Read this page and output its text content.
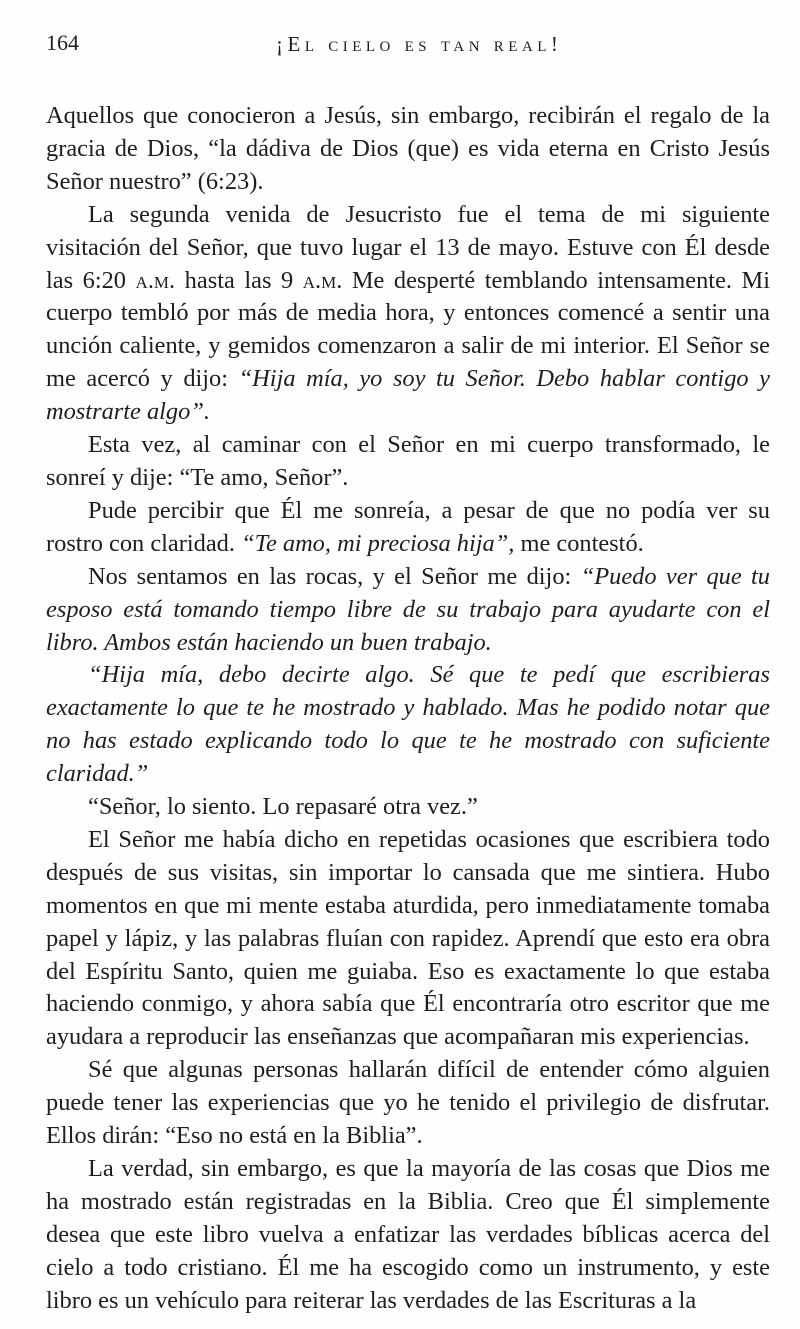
164	¡El cielo es tan real!

Aquellos que conocieron a Jesús, sin embargo, recibirán el regalo de la gracia de Dios, “la dádiva de Dios (que) es vida eterna en Cristo Jesús Señor nuestro” (6:23).

La segunda venida de Jesucristo fue el tema de mi siguiente visitación del Señor, que tuvo lugar el 13 de mayo. Estuve con Él desde las 6:20 a.m. hasta las 9 a.m. Me desperté temblando intensamente. Mi cuerpo tembló por más de media hora, y entonces comencé a sentir una unción caliente, y gemidos comenzaron a salir de mi interior. El Señor se me acercó y dijo: “Hija mía, yo soy tu Señor. Debo hablar contigo y mostrarte algo”.

Esta vez, al caminar con el Señor en mi cuerpo transformado, le sonreí y dije: “Te amo, Señor”.

Pude percibir que Él me sonreía, a pesar de que no podía ver su rostro con claridad. “Te amo, mi preciosa hija”, me contestó.

Nos sentamos en las rocas, y el Señor me dijo: “Puedo ver que tu esposo está tomando tiempo libre de su trabajo para ayudarte con el libro. Ambos están haciendo un buen trabajo.

“Hija mía, debo decirte algo. Sé que te pedí que escribieras exactamente lo que te he mostrado y hablado. Mas he podido notar que no has estado explicando todo lo que te he mostrado con suficiente claridad.”

“Señor, lo siento. Lo repasaré otra vez.”

El Señor me había dicho en repetidas ocasiones que escribiera todo después de sus visitas, sin importar lo cansada que me sintiera. Hubo momentos en que mi mente estaba aturdida, pero inmediatamente tomaba papel y lápiz, y las palabras fluían con rapidez. Aprendí que esto era obra del Espíritu Santo, quien me guiaba. Eso es exactamente lo que estaba haciendo conmigo, y ahora sabía que Él encontraría otro escritor que me ayudara a reproducir las enseñanzas que acompañaran mis experiencias.

Sé que algunas personas hallarán difícil de entender cómo alguien puede tener las experiencias que yo he tenido el privilegio de disfrutar. Ellos dirán: “Eso no está en la Biblia”.

La verdad, sin embargo, es que la mayoría de las cosas que Dios me ha mostrado están registradas en la Biblia. Creo que Él simplemente desea que este libro vuelva a enfatizar las verdades bíblicas acerca del cielo a todo cristiano. Él me ha escogido como un instrumento, y este libro es un vehículo para reiterar las verdades de las Escrituras a la
